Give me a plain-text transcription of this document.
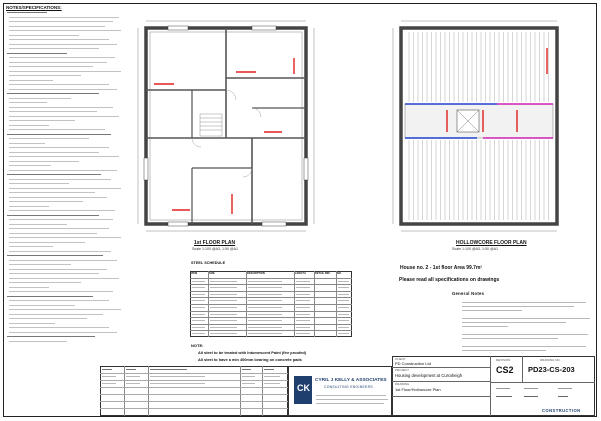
NOTES/SPECIFICATIONS:
1st FLOOR PLAN
Scale 1:100 @A3, 1:50 @A1
HOLLOWCORE FLOOR PLAN
Scale 1:100 @A3, 1:50 @A1
STEEL SCHEDULE
ITEM	SIZE	DESCRIPTION	LENGTH	DETAIL REF	NO.
NOTE:
All steel to be treated with Intumescent Paint (fire proofed)
All steel to have a min 400mm bearing on concrete pads
House no. 2 - 1st floor Area 99.7m²
Please read all specifications on drawings
General Notes
CK
CYRIL J KELLY & ASSOCIATES
CONSULTING ENGINEERS
CLIENT
PD Construction Ltd
PROJECT
Housing development at Curraheigh
DRAWING
1st Floor/Hollowcore Plan
REVISION
CS2
DRAWING NO.
PD23-CS-203
CONSTRUCTION
